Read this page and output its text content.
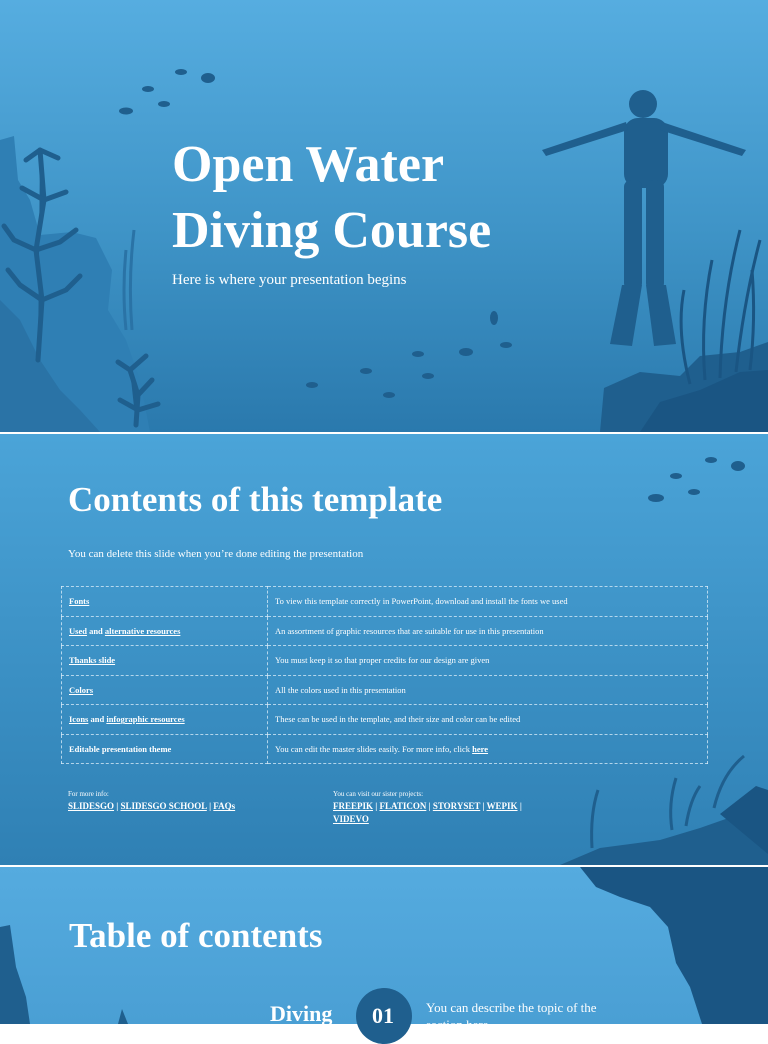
Open Water
Diving Course

Here is where your presentation begins

Contents of this template

You can delete this slide when you’re done editing the presentation

Fonts	To view this template correctly in PowerPoint, download and install the fonts we used
Used and alternative resources	An assortment of graphic resources that are suitable for use in this presentation
Thanks slide	You must keep it so that proper credits for our design are given
Colors	All the colors used in this presentation
Icons and infographic resources	These can be used in the template, and their size and color can be edited
Editable presentation theme	You can edit the master slides easily. For more info, click here
For more info:
SLIDESGO | SLIDESGO SCHOOL | FAQs
You can visit our sister projects:
FREEPIK | FLATICON | STORYSET | WEPIK |
VIDEVO
Table of contents
Diving 01 You can describe the topic of the section here
